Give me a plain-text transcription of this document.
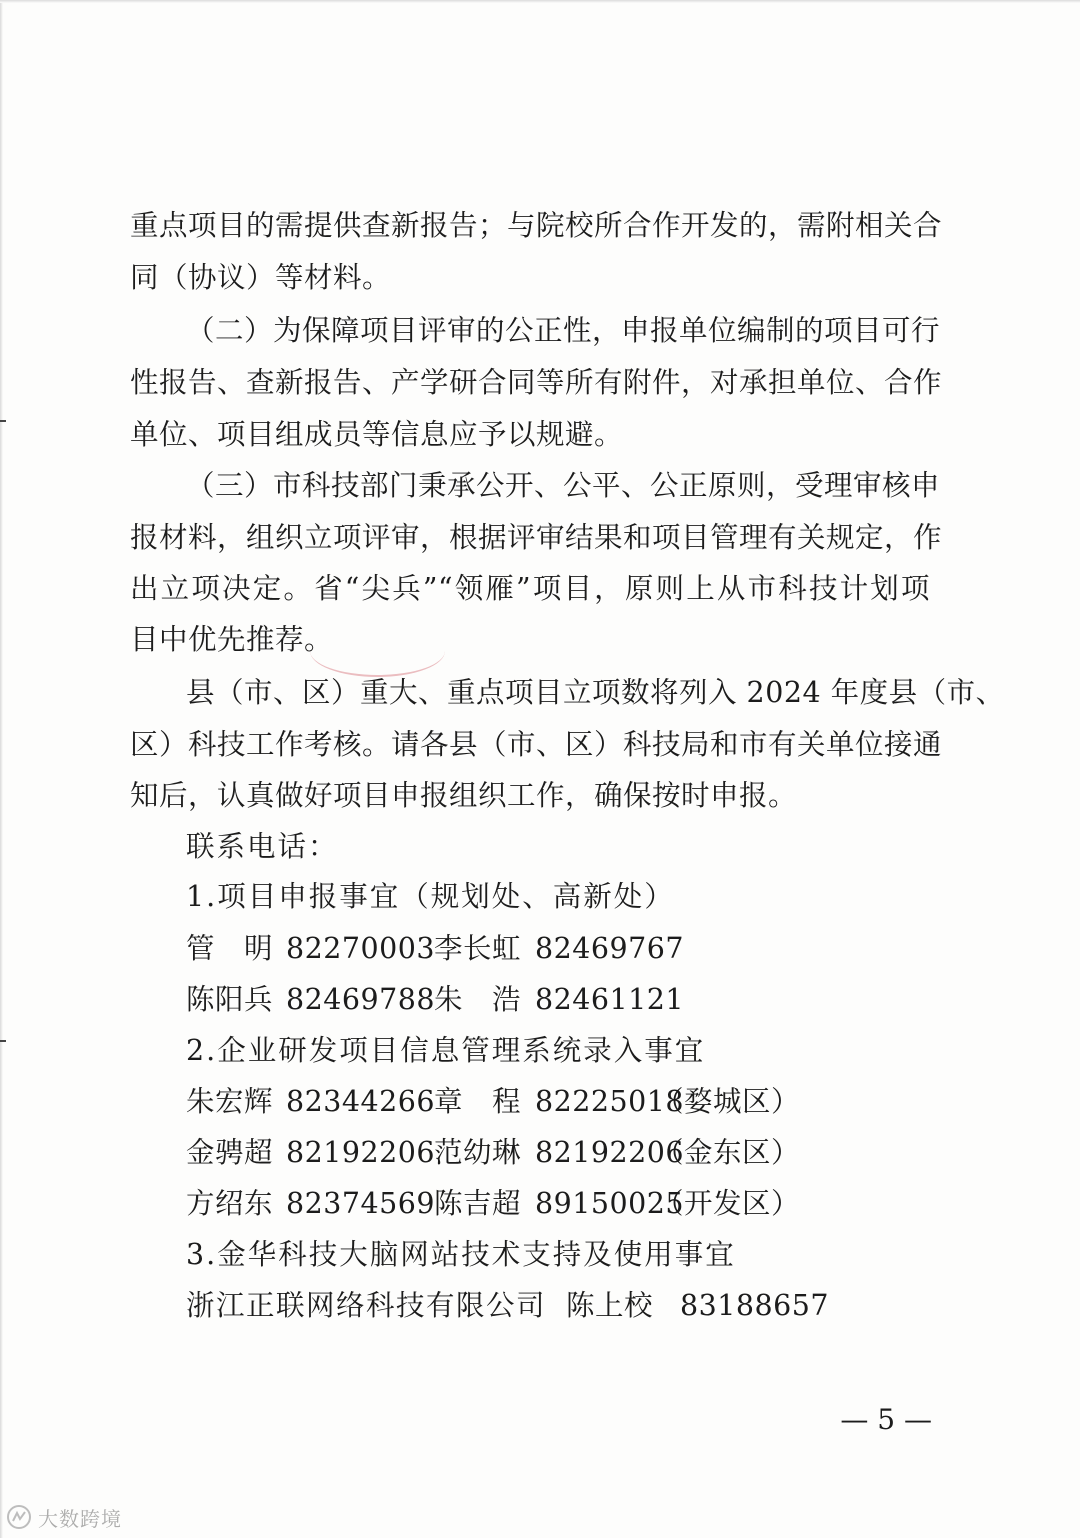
重点项目的需提供查新报告；与院校所合作开发的，需附相关合
同（协议）等材料。
（二）为保障项目评审的公正性，申报单位编制的项目可行
性报告、查新报告、产学研合同等所有附件，对承担单位、合作
单位、项目组成员等信息应予以规避。
（三）市科技部门秉承公开、公平、公正原则，受理审核申
报材料，组织立项评审，根据评审结果和项目管理有关规定，作
出立项决定。省“尖兵”“领雁”项目，原则上从市科技计划项
目中优先推荐。
县（市、区）重大、重点项目立项数将列入 2024 年度县（市、
区）科技工作考核。请各县（市、区）科技局和市有关单位接通
知后，认真做好项目申报组织工作，确保按时申报。
联系电话：
1.项目申报事宜（规划处、高新处）
管　明 82270003
李长虹 82469767
陈阳兵 82469788
朱　浩 82461121
2.企业研发项目信息管理系统录入事宜
朱宏辉 82344266
章　程 82225018
（婺城区）
金骋超 82192206
范幼琳 82192206
（金东区）
方绍东 82374569
陈吉超 89150025
（开发区）
3.金华科技大脑网站技术支持及使用事宜
浙江正联网络科技有限公司 陈上校 83188657
— 5 —
大数跨境
